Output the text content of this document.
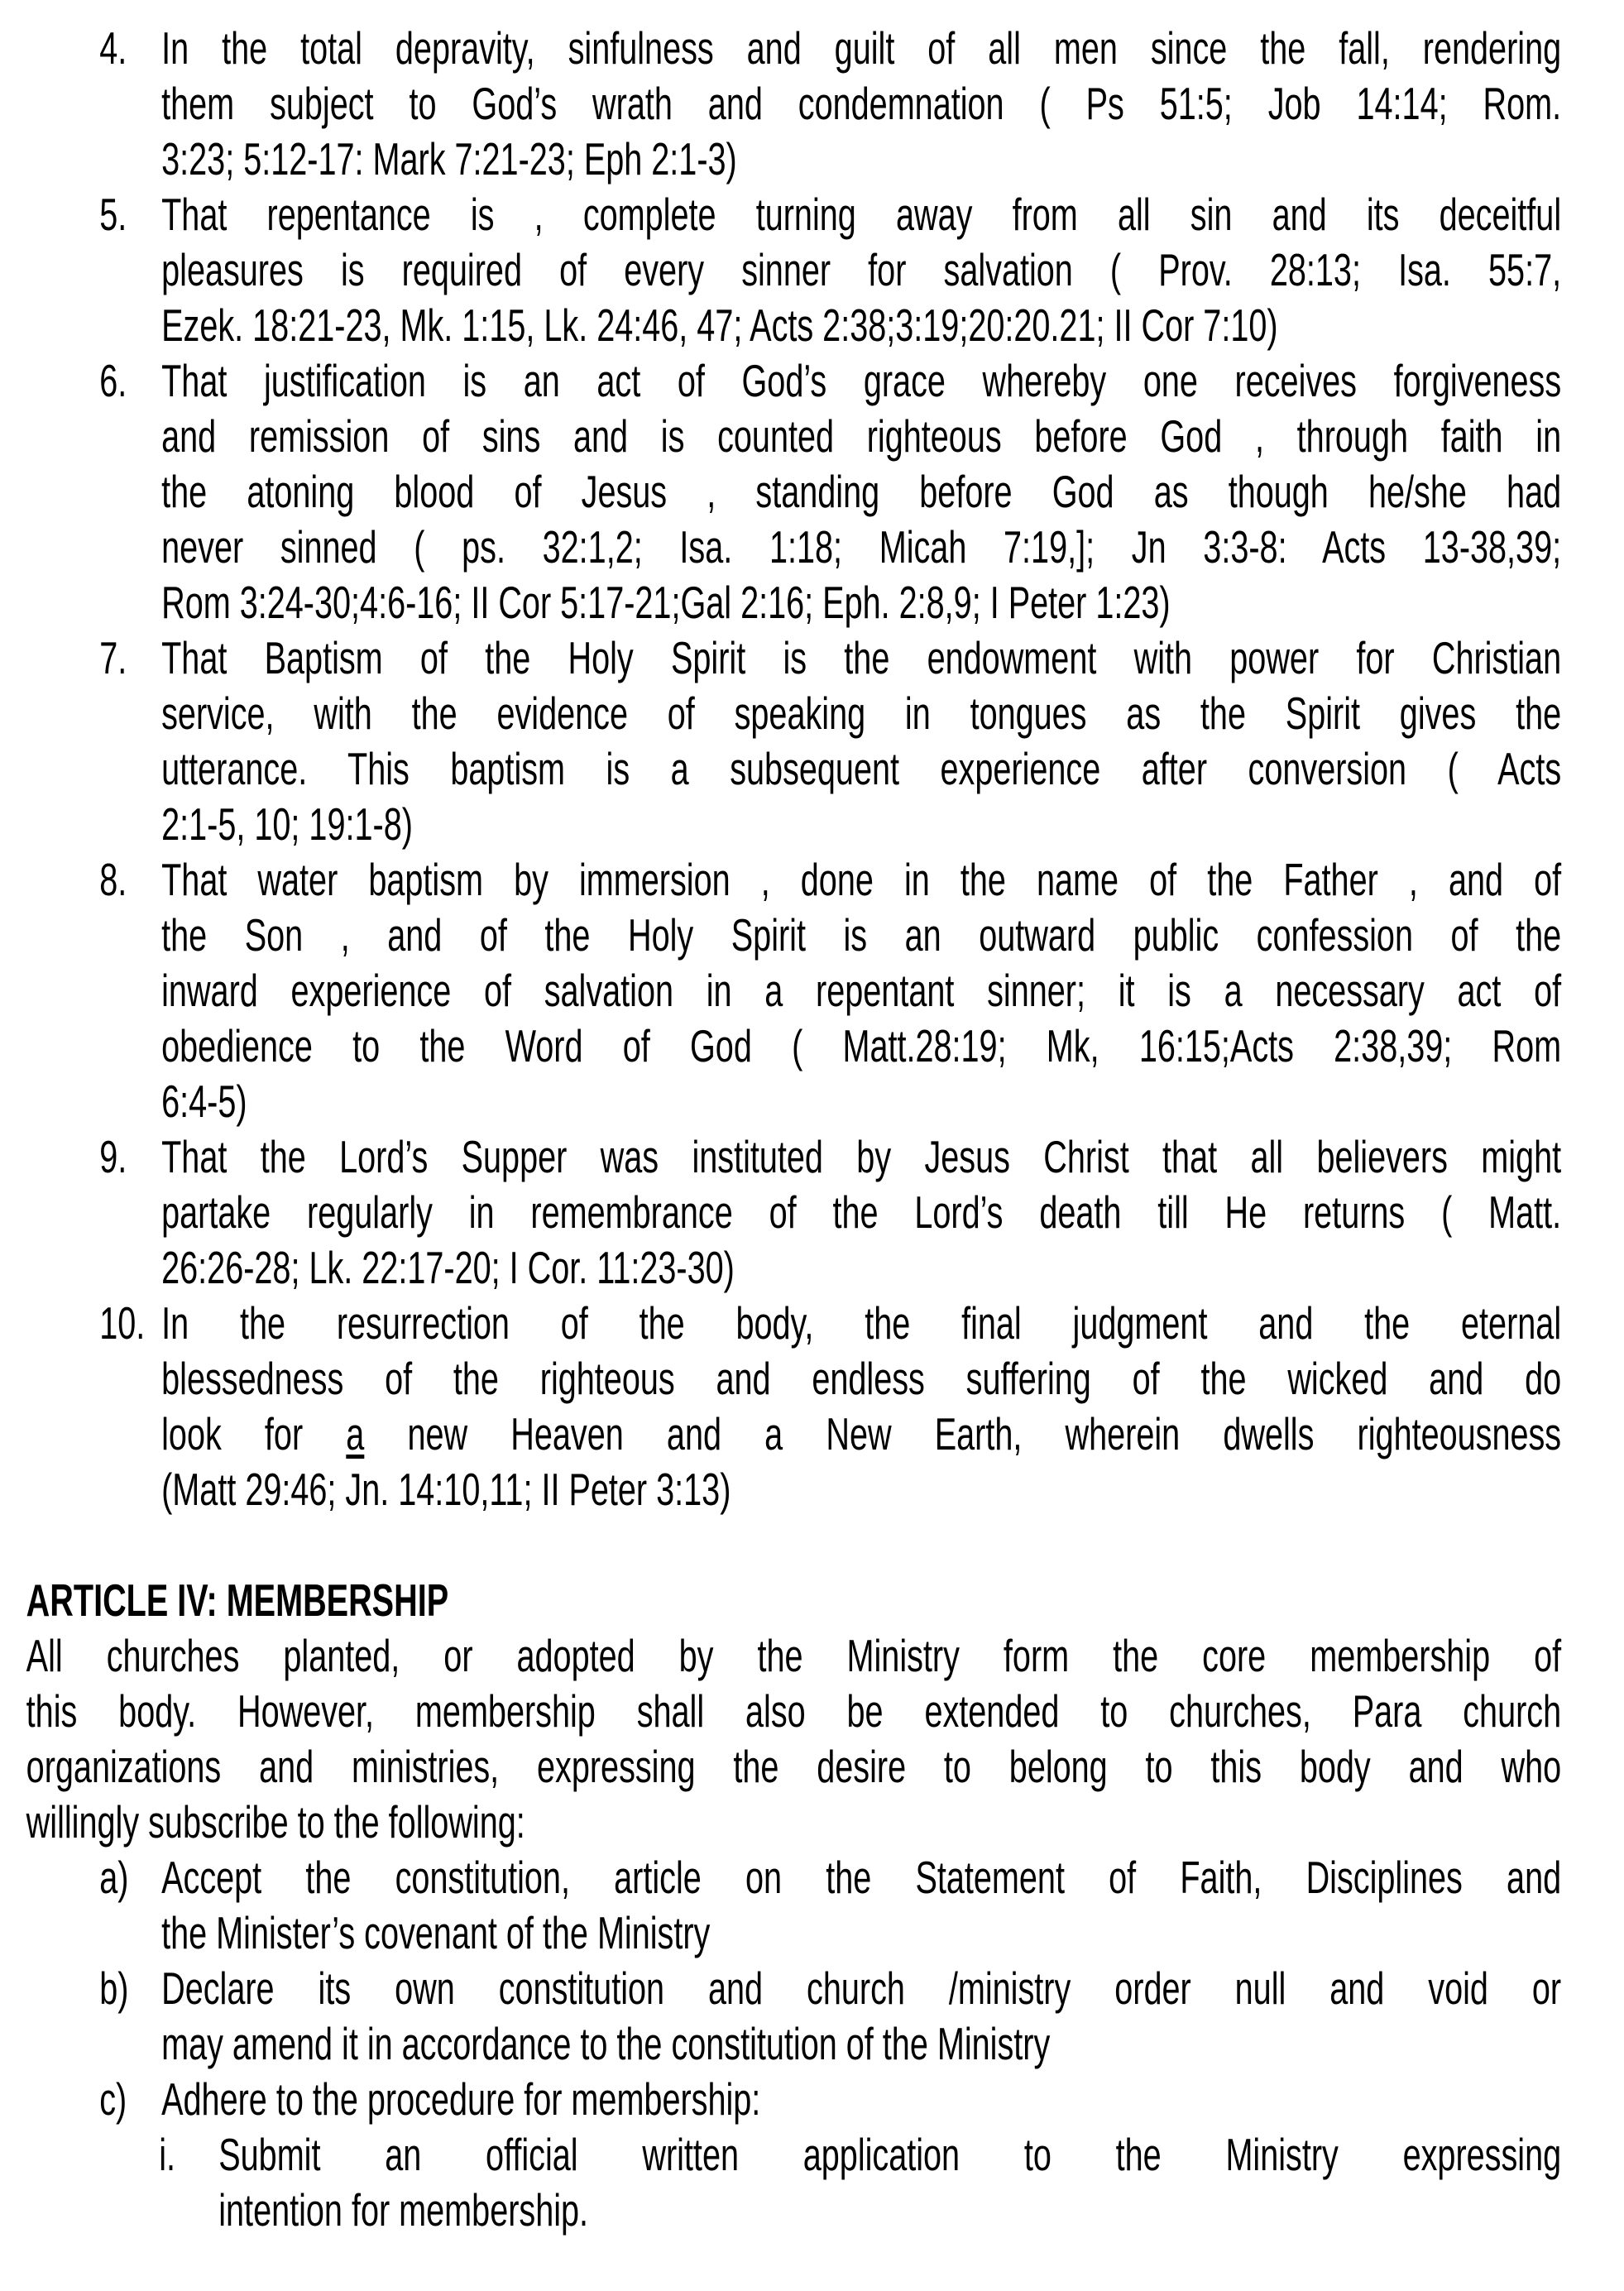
4. In the total depravity, sinfulness and guilt of all men since the fall, rendering
them subject to God’s wrath and condemnation ( Ps 51:5; Job 14:14; Rom.
3:23; 5:12-17: Mark 7:21-23; Eph 2:1-3)
5. That repentance is , complete turning away from all sin and its deceitful
pleasures is required of every sinner for salvation ( Prov. 28:13; Isa. 55:7,
Ezek. 18:21-23, Mk. 1:15, Lk. 24:46, 47; Acts 2:38;3:19;20:20.21; II Cor 7:10)
6. That justification is an act of God’s grace whereby one receives forgiveness
and remission of sins and is counted righteous before God , through faith in
the atoning blood of Jesus , standing before God as though he/she had
never sinned ( ps. 32:1,2; Isa. 1:18; Micah 7:19,]; Jn 3:3-8: Acts 13-38,39;
Rom 3:24-30;4:6-16; II Cor 5:17-21;Gal 2:16; Eph. 2:8,9; I Peter 1:23)
7. That Baptism of the Holy Spirit is the endowment with power for Christian
service, with the evidence of speaking in tongues as the Spirit gives the
utterance. This baptism is a subsequent experience after conversion ( Acts
2:1-5, 10; 19:1-8)
8. That water baptism by immersion , done in the name of the Father , and of
the Son , and of the Holy Spirit is an outward public confession of the
inward experience of salvation in a repentant sinner; it is a necessary act of
obedience to the Word of God ( Matt.28:19; Mk, 16:15;Acts 2:38,39; Rom
6:4-5)
9. That the Lord’s Supper was instituted by Jesus Christ that all believers might
partake regularly in remembrance of the Lord’s death till He returns ( Matt.
26:26-28; Lk. 22:17-20; I Cor. 11:23-30)
10. In the resurrection of the body, the final judgment and the eternal
blessedness of the righteous and endless suffering of the wicked and do
look for a new Heaven and a New Earth, wherein dwells righteousness
(Matt 29:46; Jn. 14:10,11; II Peter 3:13)
ARTICLE IV: MEMBERSHIP
All churches planted, or adopted by the Ministry form the core membership of
this body. However, membership shall also be extended to churches, Para church
organizations and ministries, expressing the desire to belong to this body and who
willingly subscribe to the following:
a) Accept the constitution, article on the Statement of Faith, Disciplines and
the Minister’s covenant of the Ministry
b) Declare its own constitution and church /ministry order null and void or
may amend it in accordance to the constitution of the Ministry
c) Adhere to the procedure for membership:
i. Submit an official written application to the Ministry expressing
intention for membership.
